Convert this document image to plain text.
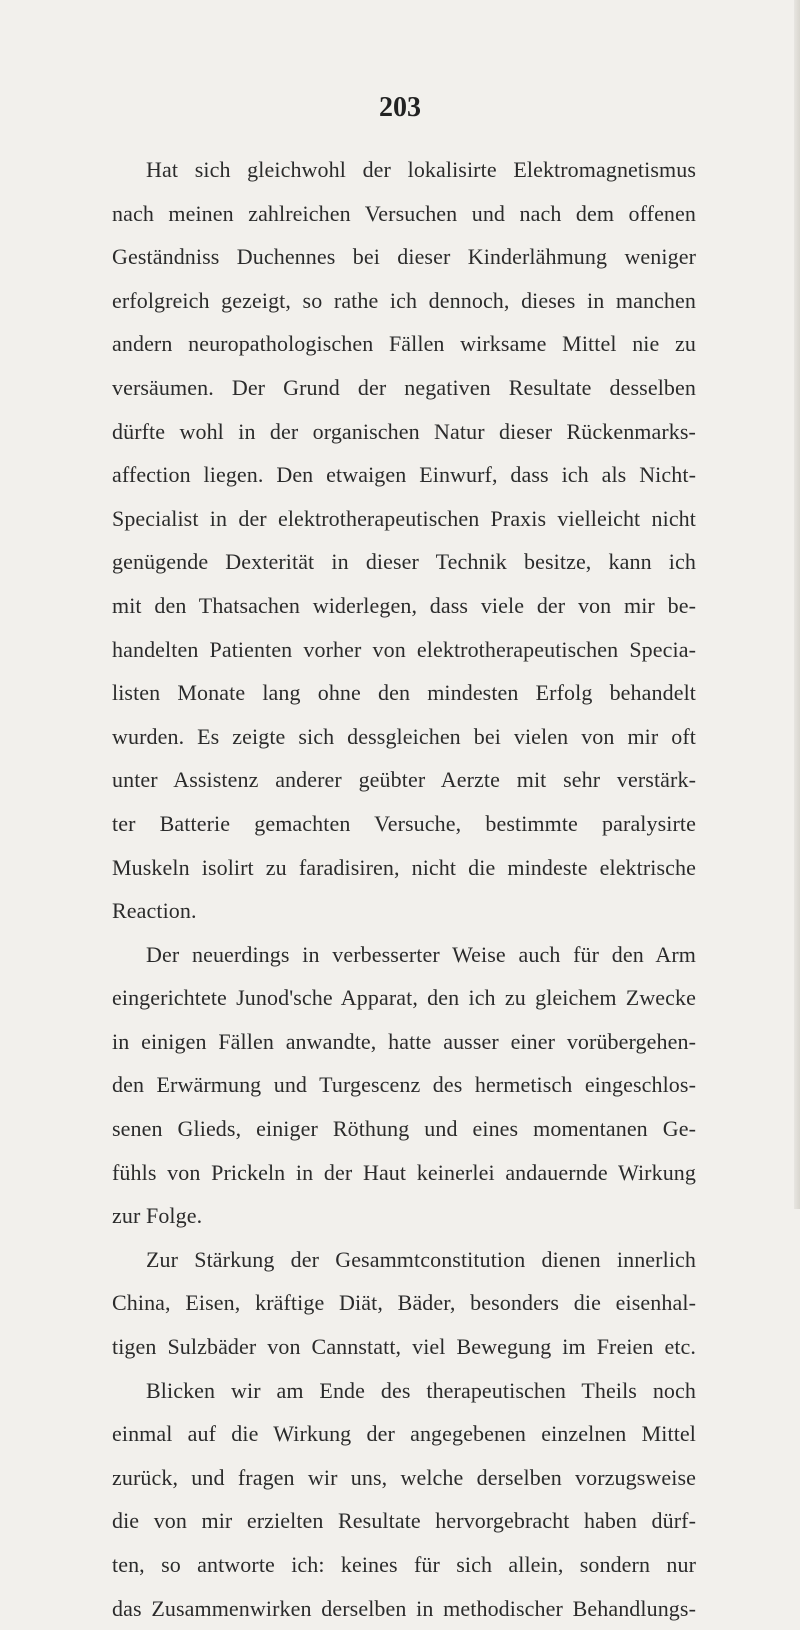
203
Hat sich gleichwohl der lokalisirte Elektromagnetismus
nach meinen zahlreichen Versuchen und nach dem offenen
Geständniss Duchennes bei dieser Kinderlähmung weniger
erfolgreich gezeigt, so rathe ich dennoch, dieses in manchen
andern neuropathologischen Fällen wirksame Mittel nie zu
versäumen. Der Grund der negativen Resultate desselben
dürfte wohl in der organischen Natur dieser Rückenmarks-
affection liegen. Den etwaigen Einwurf, dass ich als Nicht-
Specialist in der elektrotherapeutischen Praxis vielleicht nicht
genügende Dexterität in dieser Technik besitze, kann ich
mit den Thatsachen widerlegen, dass viele der von mir be-
handelten Patienten vorher von elektrotherapeutischen Specia-
listen Monate lang ohne den mindesten Erfolg behandelt
wurden. Es zeigte sich dessgleichen bei vielen von mir oft
unter Assistenz anderer geübter Aerzte mit sehr verstärk-
ter Batterie gemachten Versuche, bestimmte paralysirte
Muskeln isolirt zu faradisiren, nicht die mindeste elektrische
Reaction.
Der neuerdings in verbesserter Weise auch für den Arm
eingerichtete Junod'sche Apparat, den ich zu gleichem Zwecke
in einigen Fällen anwandte, hatte ausser einer vorübergehen-
den Erwärmung und Turgescenz des hermetisch eingeschlos-
senen Glieds, einiger Röthung und eines momentanen Ge-
fühls von Prickeln in der Haut keinerlei andauernde Wirkung
zur Folge.
Zur Stärkung der Gesammtconstitution dienen innerlich
China, Eisen, kräftige Diät, Bäder, besonders die eisenhal-
tigen Sulzbäder von Cannstatt, viel Bewegung im Freien etc.
Blicken wir am Ende des therapeutischen Theils noch
einmal auf die Wirkung der angegebenen einzelnen Mittel
zurück, und fragen wir uns, welche derselben vorzugsweise
die von mir erzielten Resultate hervorgebracht haben dürf-
ten, so antworte ich: keines für sich allein, sondern nur
das Zusammenwirken derselben in methodischer Behandlungs-
